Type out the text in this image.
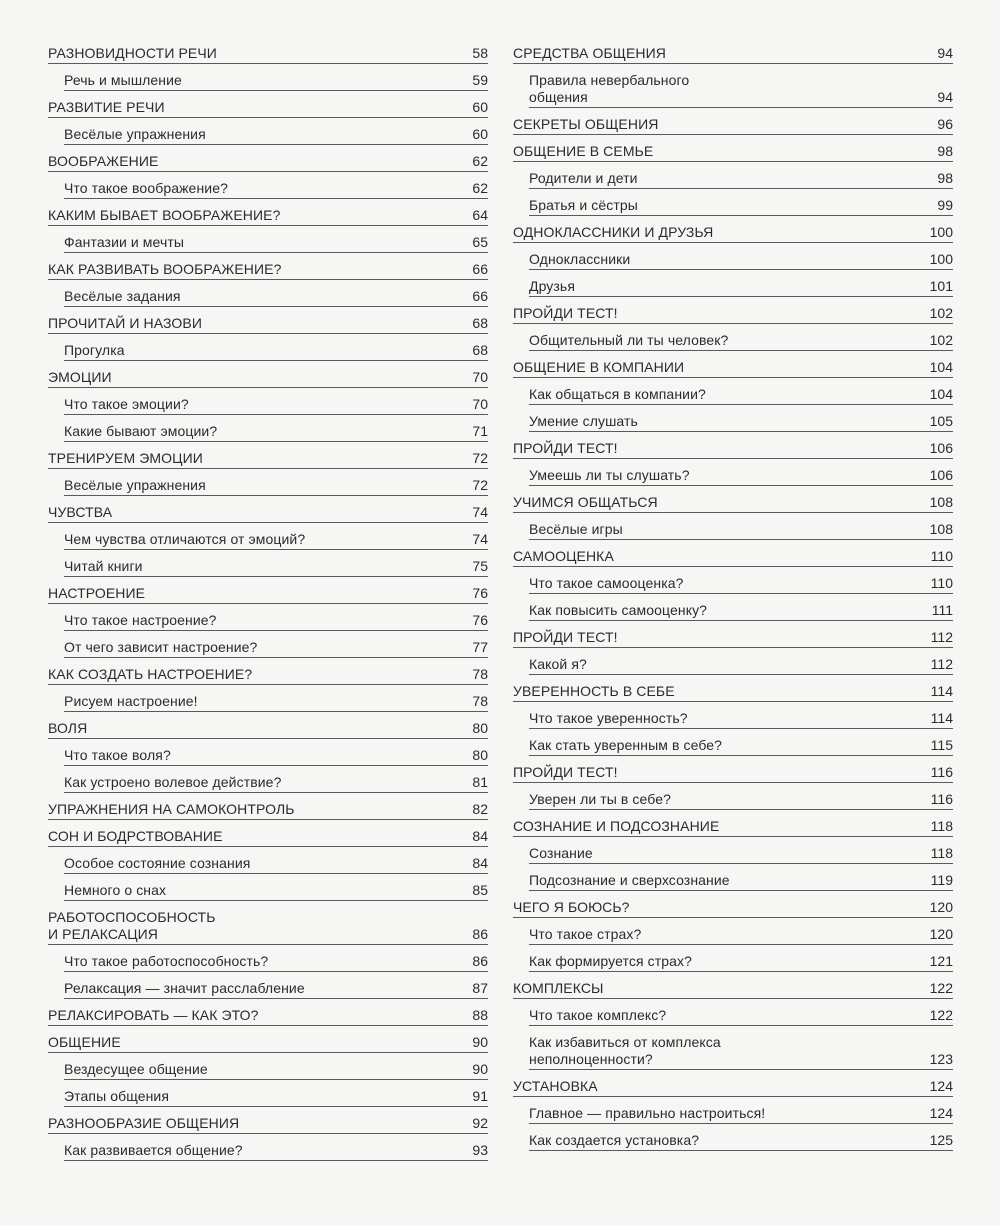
РАЗНОВИДНОСТИ РЕЧИ	58
Речь и мышление	59
РАЗВИТИЕ РЕЧИ	60
Весёлые упражнения	60
ВООБРАЖЕНИЕ	62
Что такое воображение?	62
КАКИМ БЫВАЕТ ВООБРАЖЕНИЕ?	64
Фантазии и мечты	65
КАК РАЗВИВАТЬ ВООБРАЖЕНИЕ?	66
Весёлые задания	66
ПРОЧИТАЙ И НАЗОВИ	68
Прогулка	68
ЭМОЦИИ	70
Что такое эмоции?	70
Какие бывают эмоции?	71
ТРЕНИРУЕМ ЭМОЦИИ	72
Весёлые упражнения	72
ЧУВСТВА	74
Чем чувства отличаются от эмоций?	74
Читай книги	75
НАСТРОЕНИЕ	76
Что такое настроение?	76
От чего зависит настроение?	77
КАК СОЗДАТЬ НАСТРОЕНИЕ?	78
Рисуем настроение!	78
ВОЛЯ	80
Что такое воля?	80
Как устроено волевое действие?	81
УПРАЖНЕНИЯ НА САМОКОНТРОЛЬ	82
СОН И БОДРСТВОВАНИЕ	84
Особое состояние сознания	84
Немного о снах	85
РАБОТОСПОСОБНОСТЬ
И РЕЛАКСАЦИЯ	86
Что такое работоспособность?	86
Релаксация — значит расслабление	87
РЕЛАКСИРОВАТЬ — КАК ЭТО?	88
ОБЩЕНИЕ	90
Вездесущее общение	90
Этапы общения	91
РАЗНООБРАЗИЕ ОБЩЕНИЯ	92
Как развивается общение?	93
СРЕДСТВА ОБЩЕНИЯ	94
Правила невербального
общения	94
СЕКРЕТЫ ОБЩЕНИЯ	96
ОБЩЕНИЕ В СЕМЬЕ	98
Родители и дети	98
Братья и сёстры	99
ОДНОКЛАССНИКИ И ДРУЗЬЯ	100
Одноклассники	100
Друзья	101
ПРОЙДИ ТЕСТ!	102
Общительный ли ты человек?	102
ОБЩЕНИЕ В КОМПАНИИ	104
Как общаться в компании?	104
Умение слушать	105
ПРОЙДИ ТЕСТ!	106
Умеешь ли ты слушать?	106
УЧИМСЯ ОБЩАТЬСЯ	108
Весёлые игры	108
САМООЦЕНКА	110
Что такое самооценка?	110
Как повысить самооценку?	111
ПРОЙДИ ТЕСТ!	112
Какой я?	112
УВЕРЕННОСТЬ В СЕБЕ	114
Что такое уверенность?	114
Как стать уверенным в себе?	115
ПРОЙДИ ТЕСТ!	116
Уверен ли ты в себе?	116
СОЗНАНИЕ И ПОДСОЗНАНИЕ	118
Сознание	118
Подсознание и сверхсознание	119
ЧЕГО Я БОЮСЬ?	120
Что такое страх?	120
Как формируется страх?	121
КОМПЛЕКСЫ	122
Что такое комплекс?	122
Как избавиться от комплекса
неполноценности?	123
УСТАНОВКА	124
Главное — правильно настроиться!	124
Как создается установка?	125
